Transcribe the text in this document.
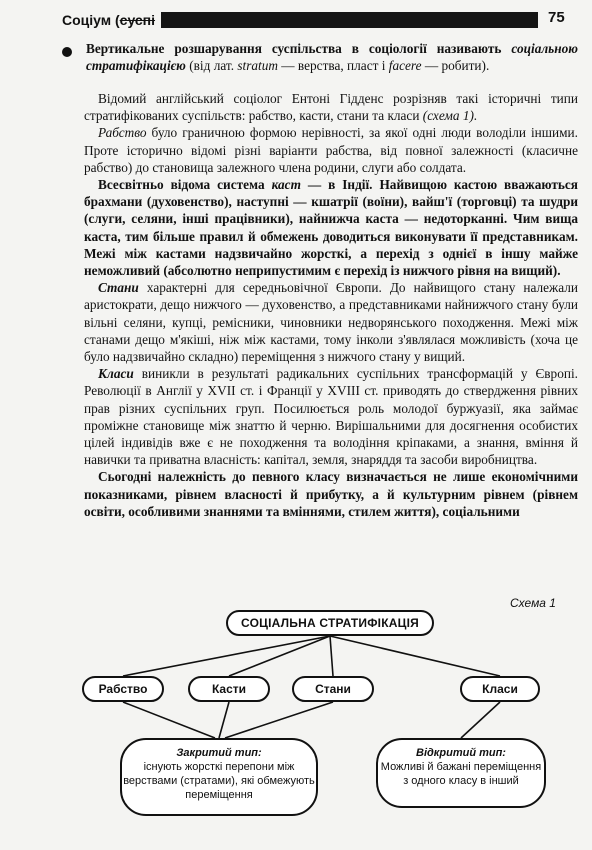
Соціум (суспі	75

Вертикальне розшарування суспільства в соціології називають соціальною стратифікацією (від лат. stratum — верства, пласт і facere — робити).

Відомий англійський соціолог Ентоні Гідденс розрізняв такі історичні типи стратифікованих суспільств: рабство, касти, стани та класи (схема 1).

Рабство було граничною формою нерівності, за якої одні люди володіли іншими. Проте історично відомі різні варіанти рабства, від повної залежності (класичне рабство) до становища залежного члена родини, слуги або солдата.

Всесвітньо відома система каст — в Індії. Найвищою кастою вважаються брахмани (духовенство), наступні — кшатрії (воїни), вайш'ї (торговці) та шудри (слуги, селяни, інші працівники), найнижча каста — недоторканні. Чим вища каста, тим більше правил й обмежень доводиться виконувати її представникам. Межі між кастами надзвичайно жорсткі, а перехід з однієї в іншу майже неможливий (абсолютно неприпустимим є перехід із нижчого рівня на вищий).

Стани характерні для середньовічної Європи. До найвищого стану належали аристократи, дещо нижчого — духовенство, а представниками найнижчого стану були вільні селяни, купці, ремісники, чиновники недворянського походження. Межі між станами дещо м'якіші, ніж між кастами, тому інколи з'являлася можливість (хоча це було надзвичайно складно) переміщення з нижчого стану у вищий.

Класи виникли в результаті радикальних суспільних трансформацій у Європі. Революції в Англії у XVII ст. і Франції у XVIII ст. приводять до ствердження рівних прав різних суспільних груп. Посилюється роль молодої буржуазії, яка займає проміжне становище між знаттю й черню. Вирішальними для досягнення особистих цілей індивідів вже є не походження та володіння кріпаками, а знання, вміння й навички та приватна власність: капітал, земля, знаряддя та засоби виробництва.

Сьогодні належність до певного класу визначається не лише економічними показниками, рівнем власності й прибутку, а й культурним рівнем (рівнем освіти, особливими знаннями та вміннями, стилем життя), соціальними

Схема 1
СОЦІАЛЬНА СТРАТИФІКАЦІЯ
Рабство	Касти	Стани	Класи
Закритий тип:
існують жорсткі перепони між верствами (стратами), які обмежують переміщення
Відкритий тип:
Можливі й бажані переміщення з одного класу в інший
